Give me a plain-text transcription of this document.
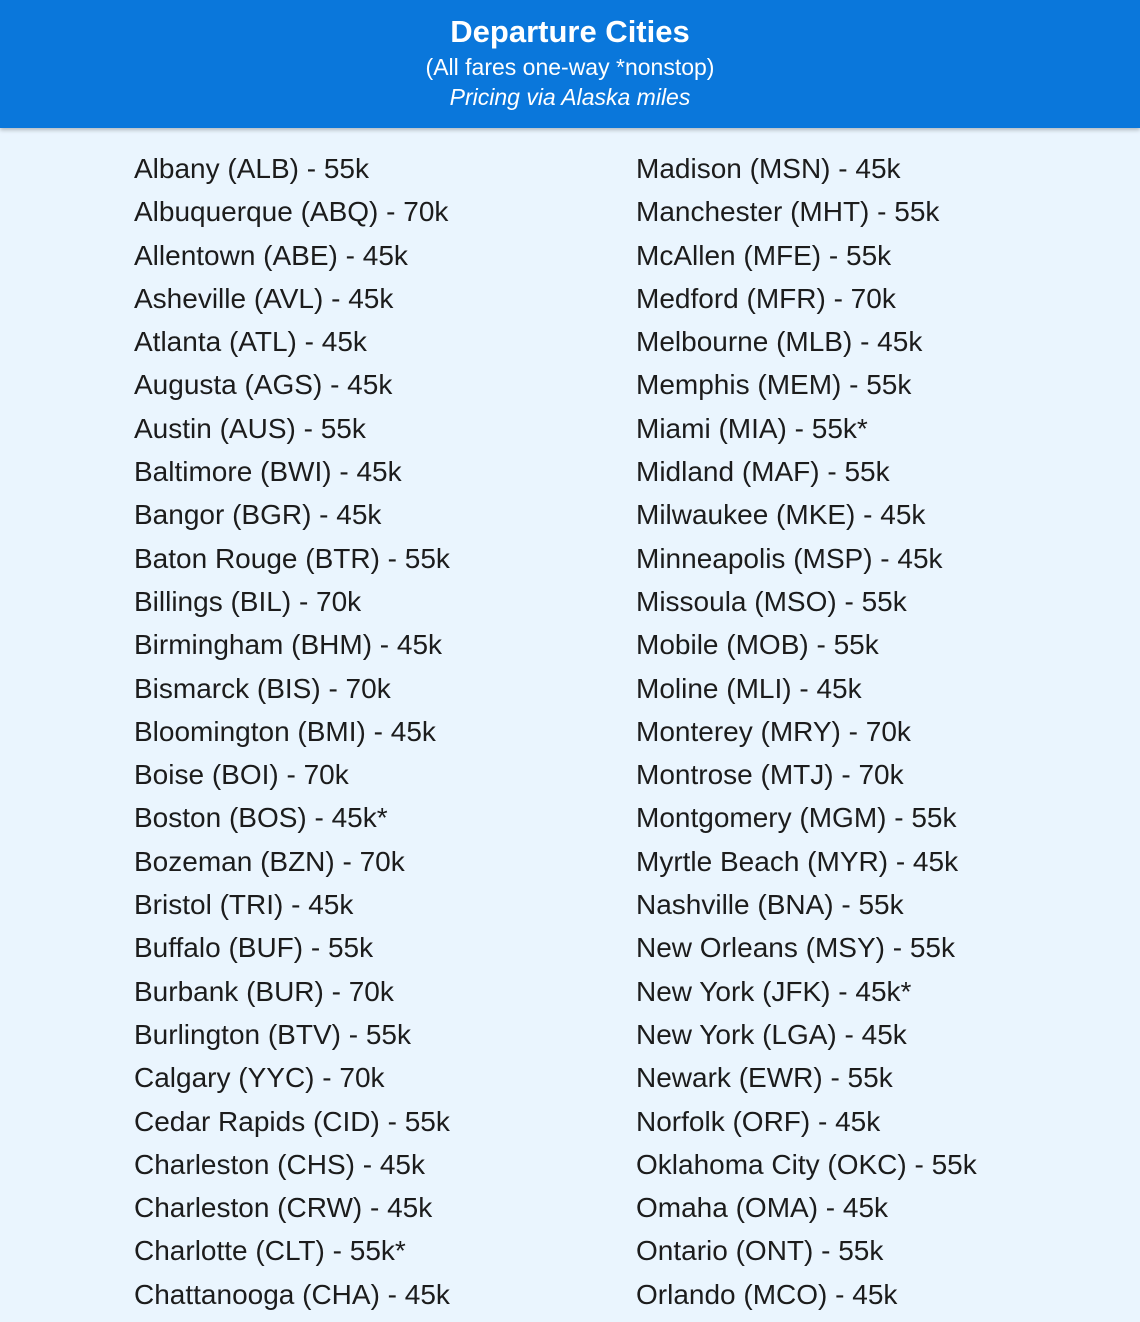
Departure Cities
(All fares one-way *nonstop)
Pricing via Alaska miles
Albany (ALB) - 55k
Albuquerque (ABQ) - 70k
Allentown (ABE) - 45k
Asheville (AVL) - 45k
Atlanta (ATL) - 45k
Augusta (AGS) - 45k
Austin (AUS) - 55k
Baltimore (BWI) - 45k
Bangor (BGR) - 45k
Baton Rouge (BTR) - 55k
Billings (BIL) - 70k
Birmingham (BHM) - 45k
Bismarck (BIS) - 70k
Bloomington (BMI) - 45k
Boise (BOI) - 70k
Boston (BOS) - 45k*
Bozeman (BZN) - 70k
Bristol (TRI) - 45k
Buffalo (BUF) - 55k
Burbank (BUR) - 70k
Burlington (BTV) - 55k
Calgary (YYC) - 70k
Cedar Rapids (CID) - 55k
Charleston (CHS) - 45k
Charleston (CRW) - 45k
Charlotte (CLT) - 55k*
Chattanooga (CHA) - 45k
Madison (MSN) - 45k
Manchester (MHT) - 55k
McAllen (MFE) - 55k
Medford (MFR) - 70k
Melbourne (MLB) - 45k
Memphis (MEM) - 55k
Miami (MIA) - 55k*
Midland (MAF) - 55k
Milwaukee (MKE) - 45k
Minneapolis (MSP) - 45k
Missoula (MSO) - 55k
Mobile (MOB) - 55k
Moline (MLI) - 45k
Monterey (MRY) - 70k
Montrose (MTJ) - 70k
Montgomery (MGM) - 55k
Myrtle Beach (MYR) - 45k
Nashville (BNA) - 55k
New Orleans (MSY) - 55k
New York (JFK) - 45k*
New York (LGA) - 45k
Newark (EWR) - 55k
Norfolk (ORF) - 45k
Oklahoma City (OKC) - 55k
Omaha (OMA) - 45k
Ontario (ONT) - 55k
Orlando (MCO) - 45k
